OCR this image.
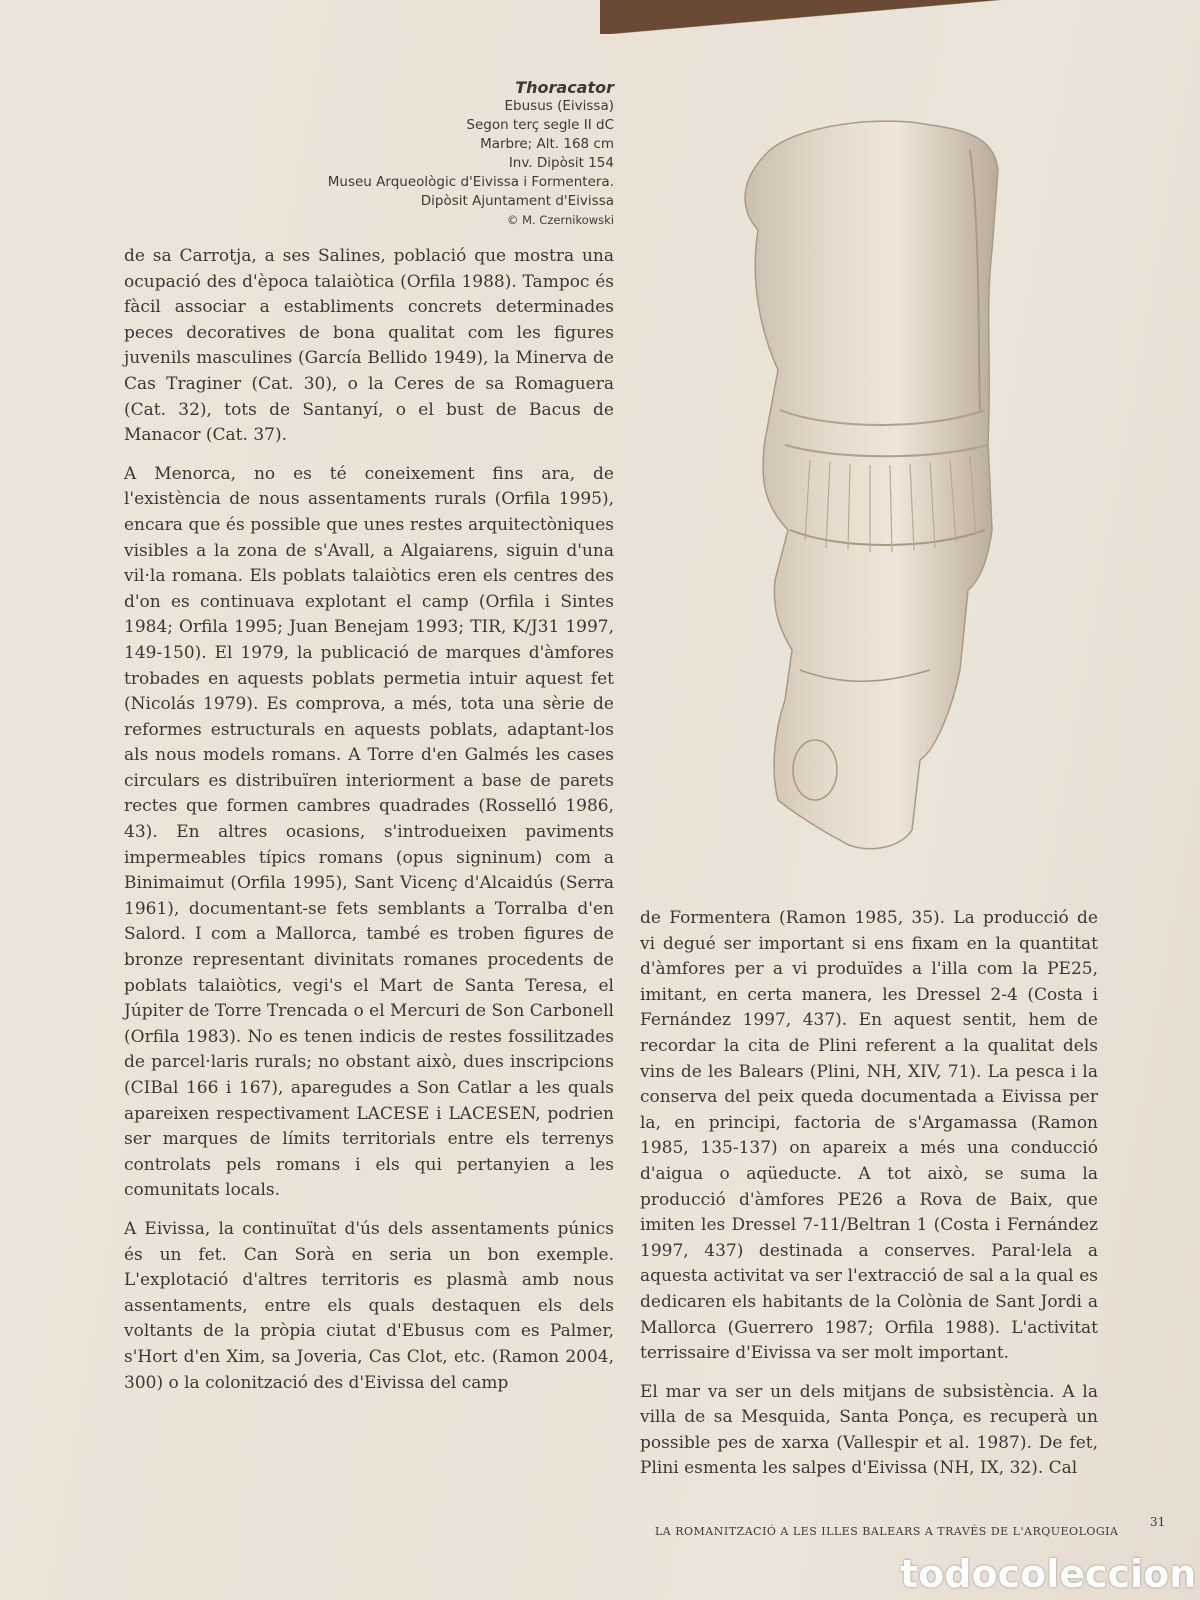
Thoracator
Ebusus (Eivissa)
Segon terç segle II dC
Marbre; Alt. 168 cm
Inv. Dipòsit 154
Museu Arqueològic d'Eivissa i Formentera.
Dipòsit Ajuntament d'Eivissa
© M. Czernikowski

de sa Carrotja, a ses Salines, població que mostra una ocupació des d'època talaiòtica (Orfila 1988). Tampoc és fàcil associar a establiments concrets determinades peces decoratives de bona qualitat com les figures juvenils masculines (García Bellido 1949), la Minerva de Cas Traginer (Cat. 30), o la Ceres de sa Romaguera (Cat. 32), tots de Santanyí, o el bust de Bacus de Manacor (Cat. 37).

A Menorca, no es té coneixement fins ara, de l'existència de nous assentaments rurals (Orfila 1995), encara que és possible que unes restes arquitectòniques visibles a la zona de s'Avall, a Algaiarens, siguin d'una vil·la romana. Els poblats talaiòtics eren els centres des d'on es continuava explotant el camp (Orfila i Sintes 1984; Orfila 1995; Juan Benejam 1993; TIR, K/J31 1997, 149-150). El 1979, la publicació de marques d'àmfores trobades en aquests poblats permetia intuir aquest fet (Nicolás 1979). Es comprova, a més, tota una sèrie de reformes estructurals en aquests poblats, adaptant-los als nous models romans. A Torre d'en Galmés les cases circulars es distribuïren interiorment a base de parets rectes que formen cambres quadrades (Rosselló 1986, 43). En altres ocasions, s'introdueixen paviments impermeables típics romans (opus signinum) com a Binimaimut (Orfila 1995), Sant Vicenç d'Alcaidús (Serra 1961), documentant-se fets semblants a Torralba d'en Salord. I com a Mallorca, també es troben figures de bronze representant divinitats romanes procedents de poblats talaiòtics, vegi's el Mart de Santa Teresa, el Júpiter de Torre Trencada o el Mercuri de Son Carbonell (Orfila 1983). No es tenen indicis de restes fossilitzades de parcel·laris rurals; no obstant això, dues inscripcions (CIBal 166 i 167), aparegudes a Son Catlar a les quals apareixen respectivament LACESE i LACESEN, podrien ser marques de límits territorials entre els terrenys controlats pels romans i els qui pertanyien a les comunitats locals.

A Eivissa, la continuïtat d'ús dels assentaments púnics és un fet. Can Sorà en seria un bon exemple. L'explotació d'altres territoris es plasmà amb nous assentaments, entre els quals destaquen els dels voltants de la pròpia ciutat d'Ebusus com es Palmer, s'Hort d'en Xim, sa Joveria, Cas Clot, etc. (Ramon 2004, 300) o la colonització des d'Eivissa del camp

de Formentera (Ramon 1985, 35). La producció de vi degué ser important si ens fixam en la quantitat d'àmfores per a vi produïdes a l'illa com la PE25, imitant, en certa manera, les Dressel 2-4 (Costa i Fernández 1997, 437). En aquest sentit, hem de recordar la cita de Plini referent a la qualitat dels vins de les Balears (Plini, NH, XIV, 71). La pesca i la conserva del peix queda documentada a Eivissa per la, en principi, factoria de s'Argamassa (Ramon 1985, 135-137) on apareix a més una conducció d'aigua o aqüeducte. A tot això, se suma la producció d'àmfores PE26 a Rova de Baix, que imiten les Dressel 7-11/Beltran 1 (Costa i Fernández 1997, 437) destinada a conserves. Paral·lela a aquesta activitat va ser l'extracció de sal a la qual es dedicaren els habitants de la Colònia de Sant Jordi a Mallorca (Guerrero 1987; Orfila 1988). L'activitat terrissaire d'Eivissa va ser molt important.

El mar va ser un dels mitjans de subsistència. A la villa de sa Mesquida, Santa Ponça, es recuperà un possible pes de xarxa (Vallespir et al. 1987). De fet, Plini esmenta les salpes d'Eivissa (NH, IX, 32). Cal

LA ROMANITZACIÓ A LES ILLES BALEARS A TRAVÉS DE L'ARQUEOLOGIA
31
todocoleccion
